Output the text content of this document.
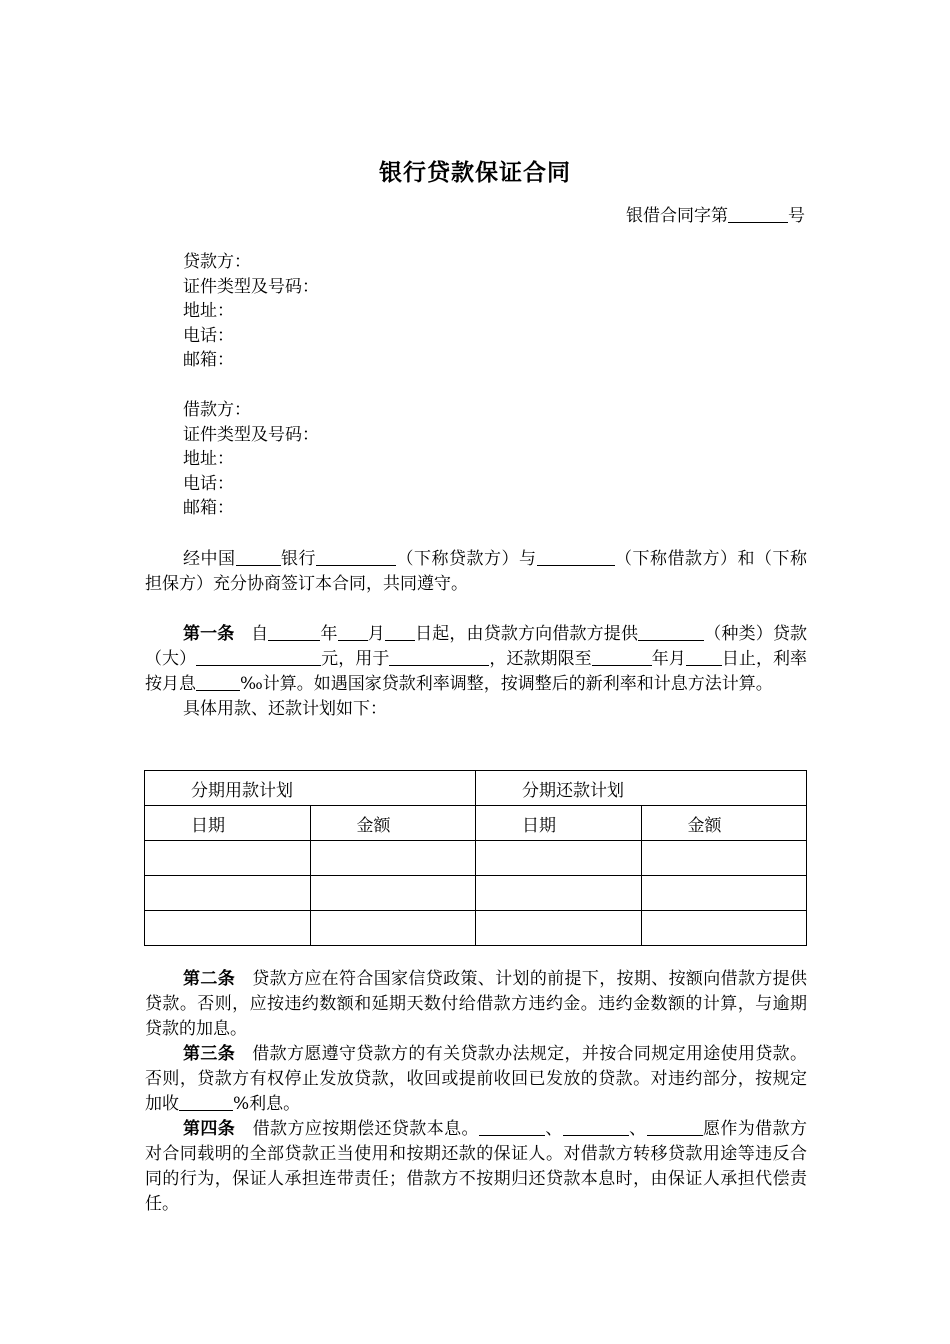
银行贷款保证合同
银借合同字第	号
贷款方：
证件类型及号码：
地址：
电话：
邮箱：
借款方：
证件类型及号码：
地址：
电话：
邮箱：

经中国	银行	（下称贷款方）与	（下称借款方）和（下称担保方）充分协商签订本合同，共同遵守。

第一条 自	年 月 日起，由贷款方向借款方提供	（种类）贷款（大）	元，用于	，还款期限至	年月 日止，利率按月息	‰计算。如遇国家贷款利率调整，按调整后的新利率和计息方法计算。

具体用款、还款计划如下：

分期用款计划		分期还款计划	
日期	金额	日期	金额

第二条 贷款方应在符合国家信贷政策、计划的前提下，按期、按额向借款方提供贷款。否则，应按违约数额和延期天数付给借款方违约金。违约金数额的计算，与逾期贷款的加息。

第三条 借款方愿遵守贷款方的有关贷款办法规定，并按合同规定用途使用贷款。否则，贷款方有权停止发放贷款，收回或提前收回已发放的贷款。对违约部分，按规定加收	%利息。

第四条 借款方应按期偿还贷款本息。	、	、	愿作为借款方对合同载明的全部贷款正当使用和按期还款的保证人。对借款方转移贷款用途等违反合同的行为，保证人承担连带责任；借款方不按期归还贷款本息时，由保证人承担代偿责任。
